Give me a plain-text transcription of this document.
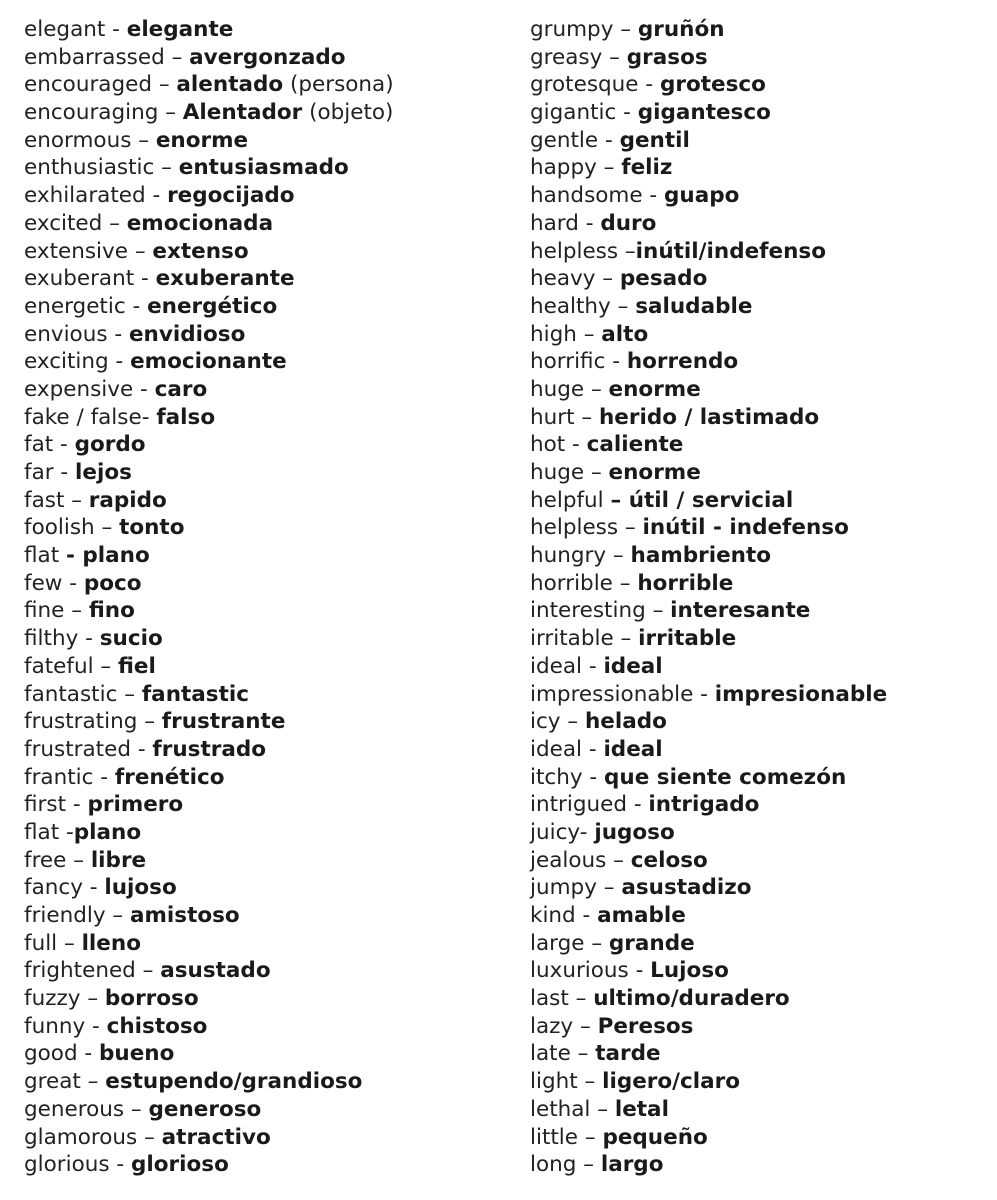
elegant - elegante
embarrassed – avergonzado
encouraged – alentado (persona)
encouraging – Alentador (objeto)
enormous – enorme
enthusiastic – entusiasmado
exhilarated - regocijado
excited – emocionada
extensive – extenso
exuberant - exuberante
energetic - energético
envious - envidioso
exciting - emocionante
expensive - caro
fake / false- falso
fat - gordo
far - lejos
fast – rapido
foolish – tonto
flat - plano
few - poco
fine – fino
filthy - sucio
fateful – fiel
fantastic – fantastic
frustrating – frustrante
frustrated - frustrado
frantic - frenético
first - primero
flat -plano
free – libre
fancy - lujoso
friendly – amistoso
full – lleno
frightened – asustado
fuzzy – borroso
funny - chistoso
good - bueno
great – estupendo/grandioso
generous – generoso
glamorous – atractivo
glorious - glorioso
grumpy – gruñón
greasy – grasos
grotesque - grotesco
gigantic - gigantesco
gentle - gentil
happy – feliz
handsome - guapo
hard - duro
helpless –inútil/indefenso
heavy – pesado
healthy – saludable
high – alto
horrific - horrendo
huge – enorme
hurt – herido / lastimado
hot - caliente
huge – enorme
helpful – útil / servicial
helpless – inútil - indefenso
hungry – hambriento
horrible – horrible
interesting – interesante
irritable – irritable
ideal - ideal
impressionable - impresionable
icy – helado
ideal - ideal
itchy - que siente comezón
intrigued - intrigado
juicy- jugoso
jealous – celoso
jumpy – asustadizo
kind - amable
large – grande
luxurious - Lujoso
last – ultimo/duradero
lazy – Peresos
late – tarde
light – ligero/claro
lethal – letal
little – pequeño
long – largo
